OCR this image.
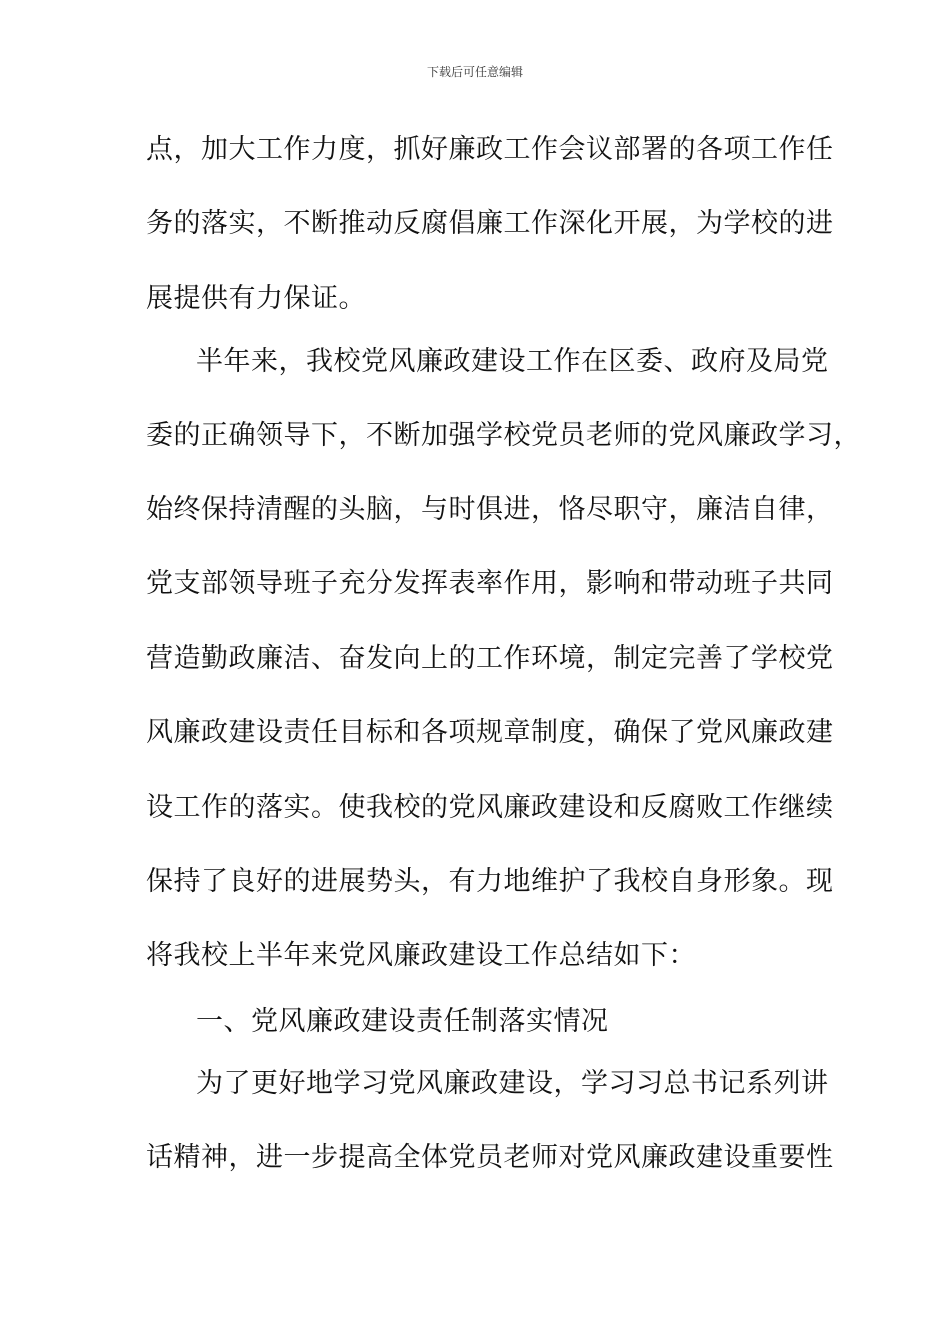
下载后可任意编辑
点，加大工作力度，抓好廉政工作会议部署的各项工作任
务的落实，不断推动反腐倡廉工作深化开展，为学校的进
展提供有力保证。
半年来，我校党风廉政建设工作在区委、政府及局党
委的正确领导下，不断加强学校党员老师的党风廉政学习，
始终保持清醒的头脑，与时俱进，恪尽职守，廉洁自律，
党支部领导班子充分发挥表率作用，影响和带动班子共同
营造勤政廉洁、奋发向上的工作环境，制定完善了学校党
风廉政建设责任目标和各项规章制度，确保了党风廉政建
设工作的落实。使我校的党风廉政建设和反腐败工作继续
保持了良好的进展势头，有力地维护了我校自身形象。现
将我校上半年来党风廉政建设工作总结如下：
一、党风廉政建设责任制落实情况
为了更好地学习党风廉政建设，学习习总书记系列讲
话精神，进一步提高全体党员老师对党风廉政建设重要性
